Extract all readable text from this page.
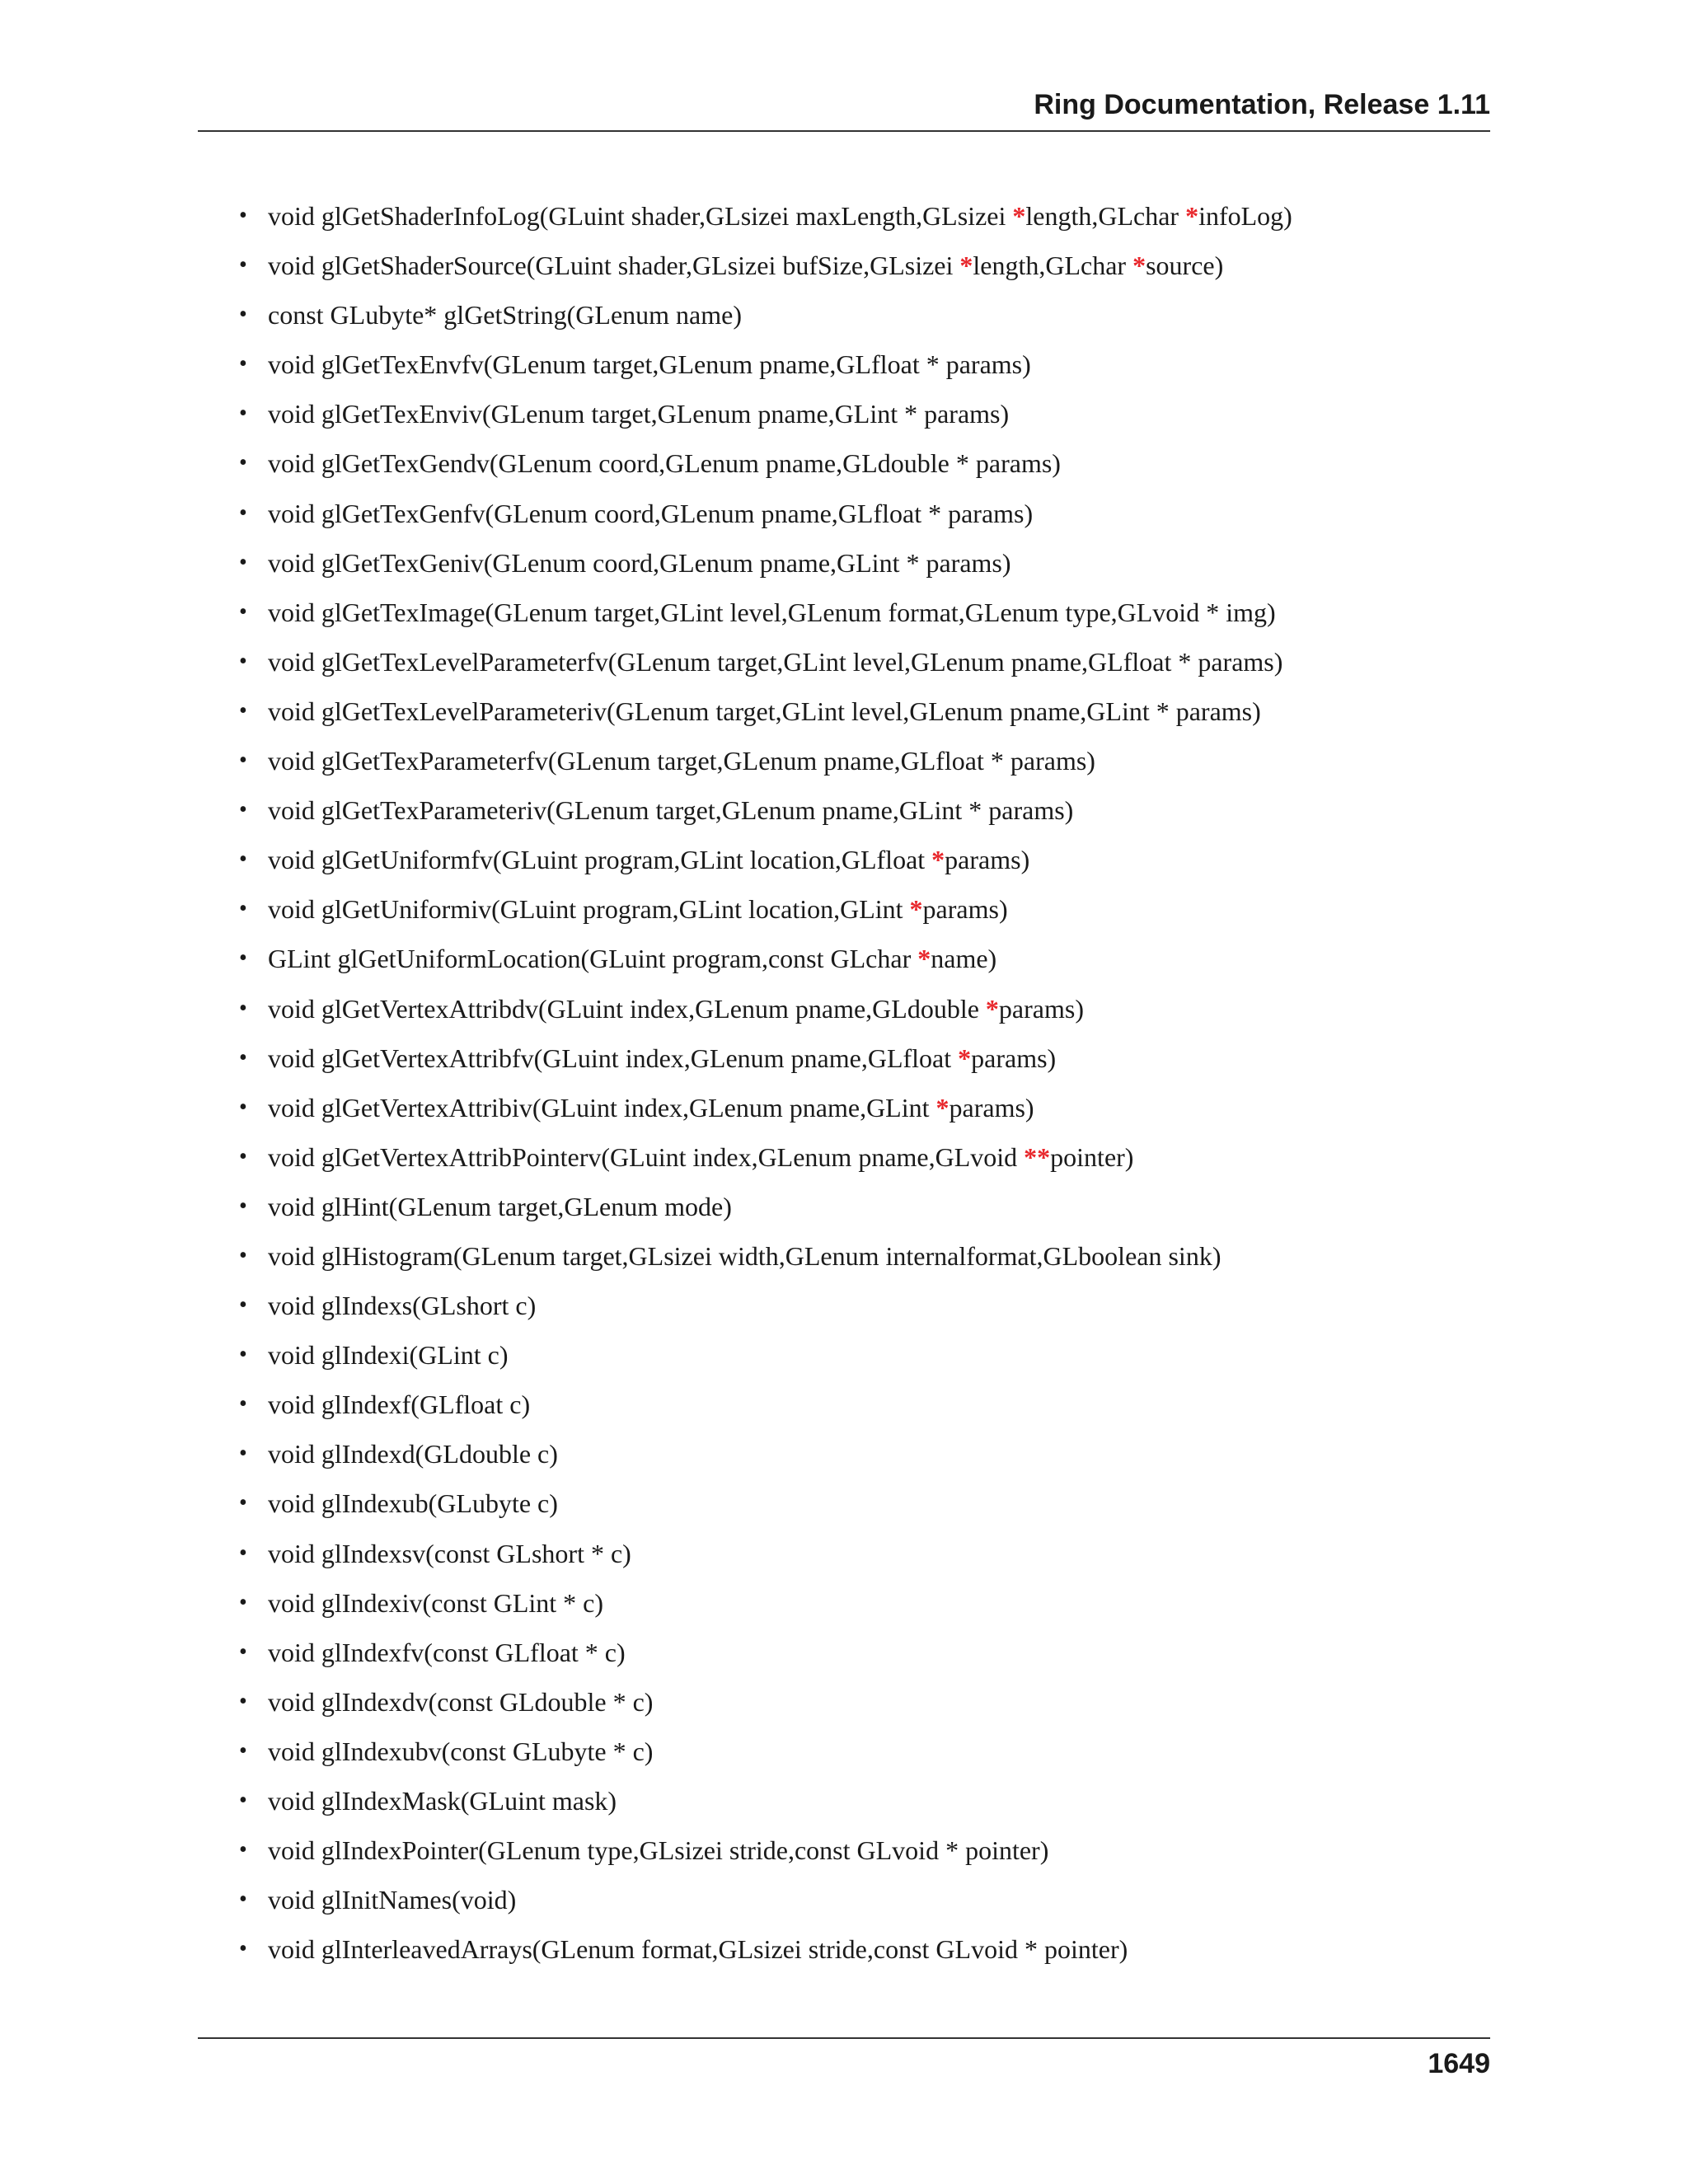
Ring Documentation, Release 1.11
• void glGetShaderInfoLog(GLuint shader,GLsizei maxLength,GLsizei *length,GLchar *infoLog)
• void glGetShaderSource(GLuint shader,GLsizei bufSize,GLsizei *length,GLchar *source)
• const GLubyte* glGetString(GLenum name)
• void glGetTexEnvfv(GLenum target,GLenum pname,GLfloat * params)
• void glGetTexEnviv(GLenum target,GLenum pname,GLint * params)
• void glGetTexGendv(GLenum coord,GLenum pname,GLdouble * params)
• void glGetTexGenfv(GLenum coord,GLenum pname,GLfloat * params)
• void glGetTexGeniv(GLenum coord,GLenum pname,GLint * params)
• void glGetTexImage(GLenum target,GLint level,GLenum format,GLenum type,GLvoid * img)
• void glGetTexLevelParameterfv(GLenum target,GLint level,GLenum pname,GLfloat * params)
• void glGetTexLevelParameteriv(GLenum target,GLint level,GLenum pname,GLint * params)
• void glGetTexParameterfv(GLenum target,GLenum pname,GLfloat * params)
• void glGetTexParameteriv(GLenum target,GLenum pname,GLint * params)
• void glGetUniformfv(GLuint program,GLint location,GLfloat *params)
• void glGetUniformiv(GLuint program,GLint location,GLint *params)
• GLint glGetUniformLocation(GLuint program,const GLchar *name)
• void glGetVertexAttribdv(GLuint index,GLenum pname,GLdouble *params)
• void glGetVertexAttribfv(GLuint index,GLenum pname,GLfloat *params)
• void glGetVertexAttribiv(GLuint index,GLenum pname,GLint *params)
• void glGetVertexAttribPointerv(GLuint index,GLenum pname,GLvoid **pointer)
• void glHint(GLenum target,GLenum mode)
• void glHistogram(GLenum target,GLsizei width,GLenum internalformat,GLboolean sink)
• void glIndexs(GLshort c)
• void glIndexi(GLint c)
• void glIndexf(GLfloat c)
• void glIndexd(GLdouble c)
• void glIndexub(GLubyte c)
• void glIndexsv(const GLshort * c)
• void glIndexiv(const GLint * c)
• void glIndexfv(const GLfloat * c)
• void glIndexdv(const GLdouble * c)
• void glIndexubv(const GLubyte * c)
• void glIndexMask(GLuint mask)
• void glIndexPointer(GLenum type,GLsizei stride,const GLvoid * pointer)
• void glInitNames(void)
• void glInterleavedArrays(GLenum format,GLsizei stride,const GLvoid * pointer)
1649
